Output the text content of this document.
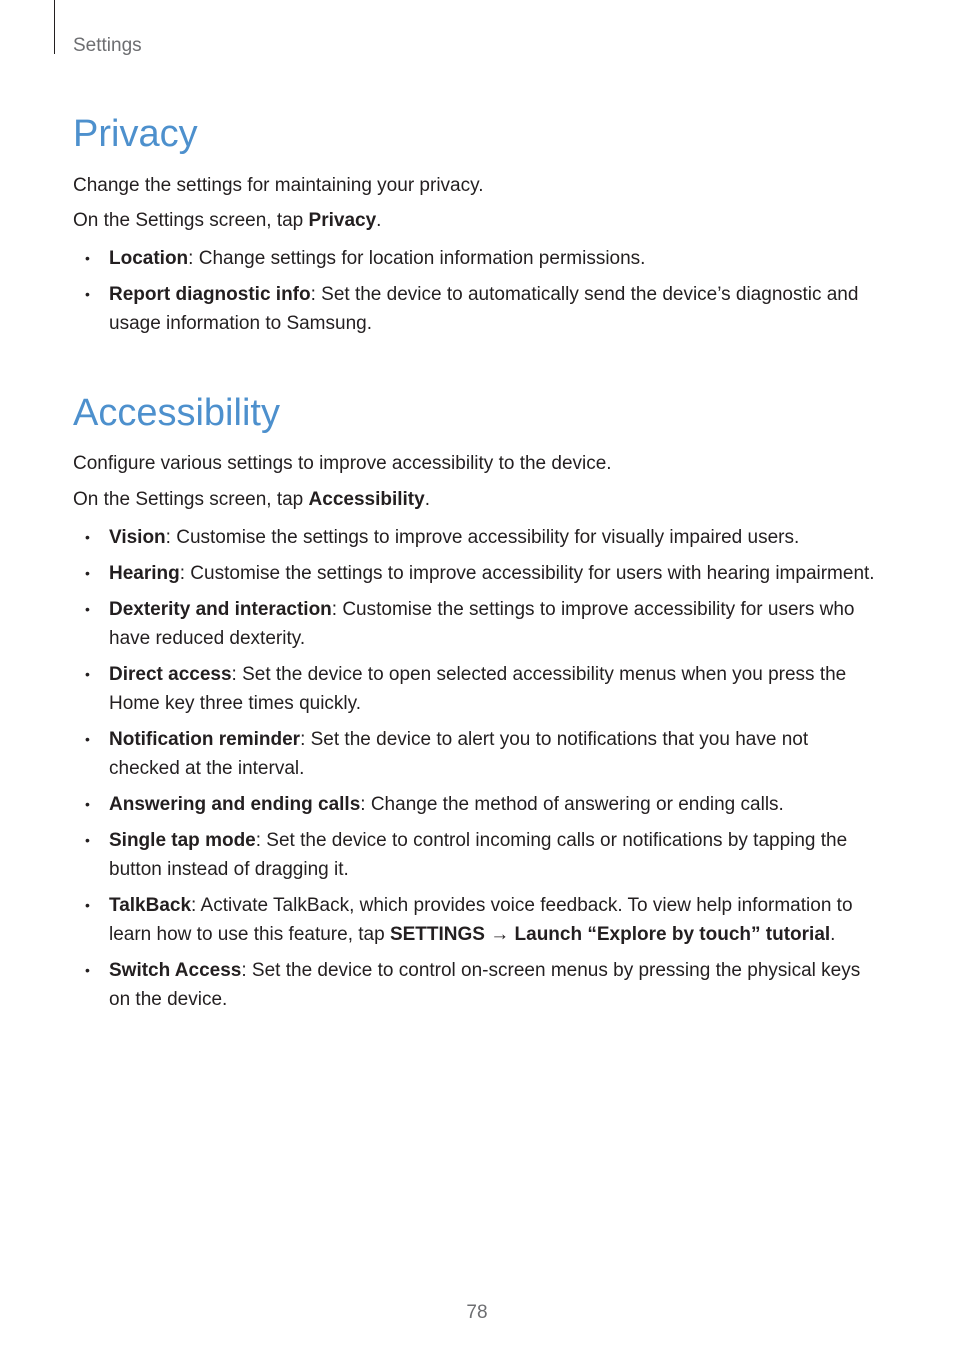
Settings

Privacy

Change the settings for maintaining your privacy.

On the Settings screen, tap Privacy.

• Location: Change settings for location information permissions.
• Report diagnostic info: Set the device to automatically send the device’s diagnostic and usage information to Samsung.
Accessibility

Configure various settings to improve accessibility to the device.

On the Settings screen, tap Accessibility.

• Vision: Customise the settings to improve accessibility for visually impaired users.
• Hearing: Customise the settings to improve accessibility for users with hearing impairment.
• Dexterity and interaction: Customise the settings to improve accessibility for users who have reduced dexterity.
• Direct access: Set the device to open selected accessibility menus when you press the Home key three times quickly.
• Notification reminder: Set the device to alert you to notifications that you have not checked at the interval.
• Answering and ending calls: Change the method of answering or ending calls.
• Single tap mode: Set the device to control incoming calls or notifications by tapping the button instead of dragging it.
• TalkBack: Activate TalkBack, which provides voice feedback. To view help information to learn how to use this feature, tap SETTINGS → Launch “Explore by touch” tutorial.
• Switch Access: Set the device to control on-screen menus by pressing the physical keys on the device.

78
